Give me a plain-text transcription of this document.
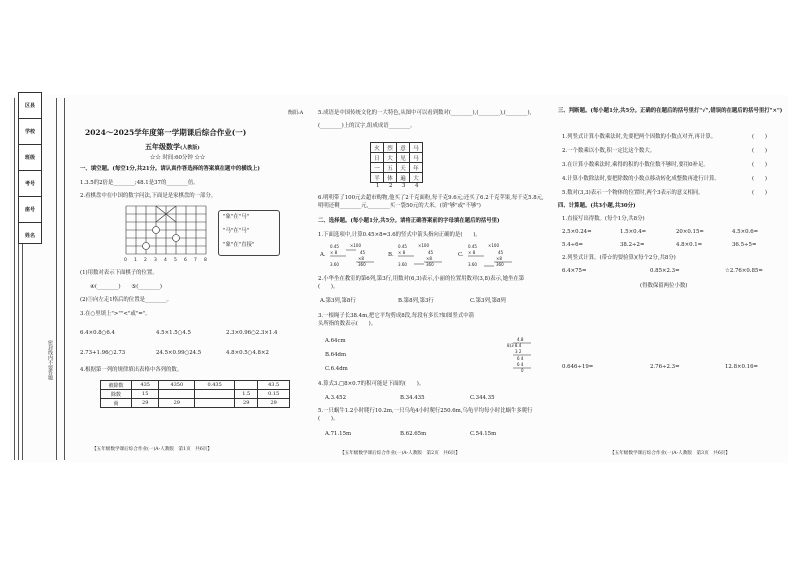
区县
学校
班级
考号
座号
姓名
密封线内不要答题
衡阳:A
2024～2025学年度第一学期课后综合作业(一)
五年级数学(人教版)
☆☆ 时间:60分钟 ☆☆
一、填空题。(每空1分,共21分。请认真作答选择的答案填在题中的横线上)
1.3.5的2倍是________;48.1是37的________倍。
2.看棋盘中在中国的数字问法,下面是是家棋盘的一部分。
0 1 2 3 4 5 6 7 8
"象"在"马"
"马"在"马"
"象"在"直接"
(1)用数对表示下面棋子的位置。
④(________)　　⑤(________)
(2)⑤向左走1格后的位置是________。
3.在○里填上">""<"或"="。
6.4×0.8○6.4	4.5×1.5○4.5	2.3×0.96○2.3×1.4
2.73+1.96○2.73	24.5×0.99○24.5	4.8×0.5○4.8×2
4.根据第一列的规律填出表格中各列的数。
被除数	435	4350	0.435		43.5
除数	15			1.5	0.15
商	29	29		29	29
【五年级数学课后综合作业(一)A-人教版　第1页　共6页】
5.成语是中国传统文化的一大特色,从图中可以看到数对(________),(________),(________),(________)上的汉字,组成成语________。
火	烈	意	马
日	大	见	马
一	五	天	年
半	体	遍	大
1 2 3 4
6.明明带了100元去超市购物,他买了2千克面粉,每千克9.6元;还买了6.2千克苹果,每千克5.8元,明明还剩________元,________买一袋50元的大米。(填"够"或"不够")
二、选择题。(每小题1分,共5分。请将正确答案前的字母填在题后的括号里)
1.下面选项中,计算0.45×8=3.6的竖式中箭头指向正确的是(　　)。
A.
0.45
× 8
3.60
×100
45
×8
360
B.
0.45
× 8
3.60
×100
45
×8
360
C.
0.45
× 8
3.60
×100
45
×8
360
2.小华坐在教室的第6列,第3行,用数对(6,3)表示,小丽的位置用数对(3,8)表示,她坐在第(　　)。
A.第3列,第8行	B.第8列,第3行	C.第3列,第8列
3.一根绳子长38.4m,把它平均剪成8段,每段有多长?如图竖式中箭头所指的数表示(　　)。
4.8
8)3 8.4
3 2
6 4
6 4
0
A.64cm
B.64dm
C.6.4dm
4.算式3.□8×0.7的积可能是下面的(　　)。
A.3.452	B.34.435	C.344.35
5.一只蜗牛1.2小时爬行10.2m,一只乌龟4小时爬行250.6m,乌龟平均每小时比蜗牛多爬行(　　)。
A.71.15m	B.62.65m	C.54.15m
【五年级数学课后综合作业(一)A-人教版　第2页　共6页】
三、判断题。(每小题1分,共5分。正确的在题后的括号里打"√",错误的在题后的括号里打"×")
1.列竖式计算小数乘法时,先要把两个因数的小数点对齐,再计算。
2.一个数乘以小数,积一定比这个数大。
3.在计算小数乘法时,乘得的积的小数位数不够时,要用0补足。
4.计算小数除法时,要把除数的小数点移动转化成整数再进行计算。
5.数对(3,3)表示一个物体的位置时,两个3表示的意义相同。
(　　)
(　　)
(　　)
(　　)
(　　)
四、计算题。(共3小题,共30分)
1.直接写出得数。(每个1分,共8分)
2.5×0.24=	1.5×0.4=	20×0.15=	4.5×0.6=
5.4÷6=	38.2÷2=	4.8×0.1=	36.5÷5=
2.列竖式计算。(带☆的要验算)(每个2分,共8分)
6.4×75=	0.85×2.3=	☆2.76×0.85=
(得数保留两位小数)
0.646÷19=	2.76÷2.3=	12.8×0.16=
【五年级数学课后综合作业(一)A-人教版　第3页　共6页】
